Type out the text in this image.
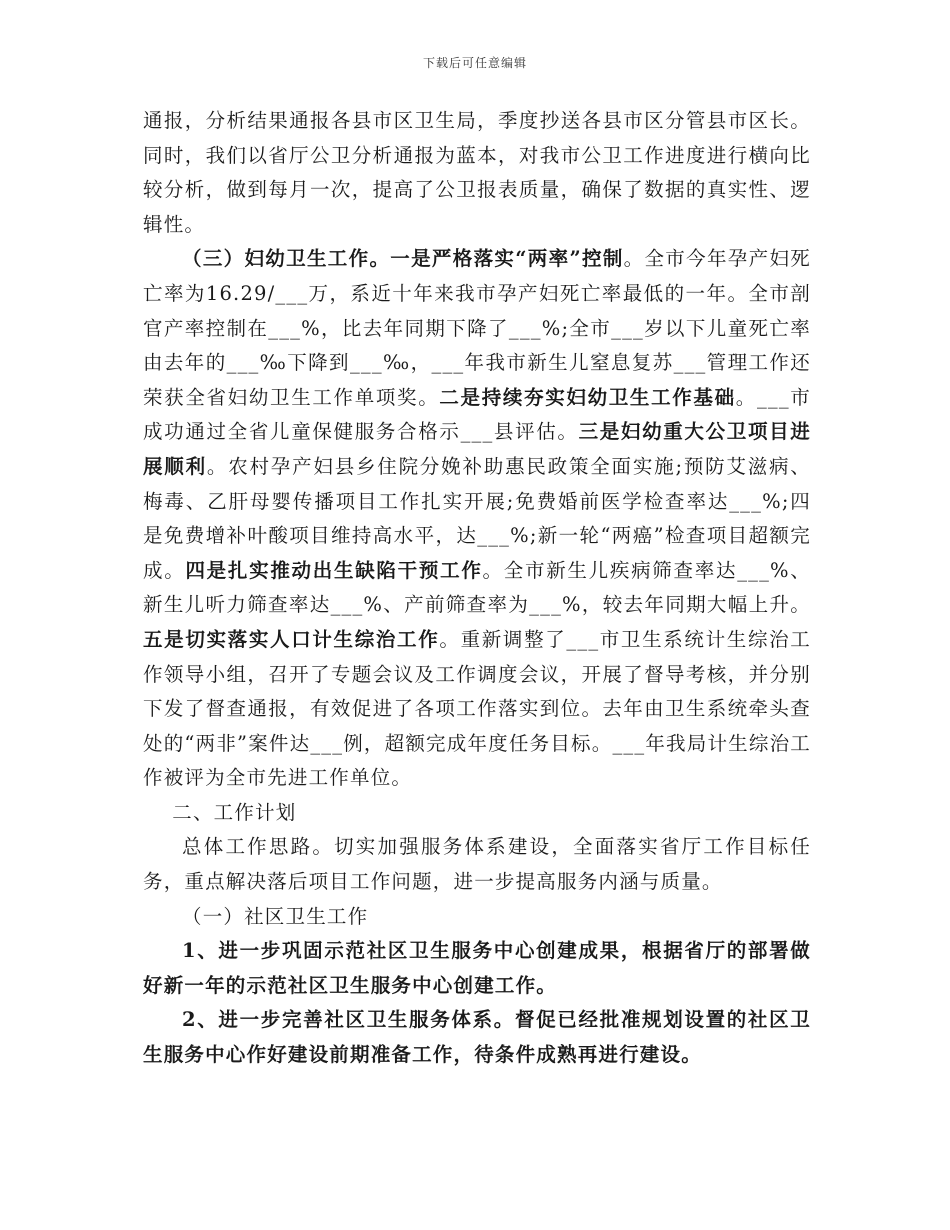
下载后可任意编辑

通报，分析结果通报各县市区卫生局，季度抄送各县市区分管县市区长。同时，我们以省厅公卫分析通报为蓝本，对我市公卫工作进度进行横向比较分析，做到每月一次，提高了公卫报表质量，确保了数据的真实性、逻辑性。

（三）妇幼卫生工作。一是严格落实“两率”控制。全市今年孕产妇死亡率为16.29/___万，系近十年来我市孕产妇死亡率最低的一年。全市剖官产率控制在___%，比去年同期下降了___%;全市___岁以下儿童死亡率由去年的___‰下降到___‰，___年我市新生儿窒息复苏___管理工作还荣获全省妇幼卫生工作单项奖。二是持续夯实妇幼卫生工作基础。___市成功通过全省儿童保健服务合格示___县评估。三是妇幼重大公卫项目进展顺利。农村孕产妇县乡住院分娩补助惠民政策全面实施;预防艾滋病、梅毒、乙肝母婴传播项目工作扎实开展;免费婚前医学检查率达___%;四是免费增补叶酸项目维持高水平，达___%;新一轮“两癌”检查项目超额完成。四是扎实推动出生缺陷干预工作。全市新生儿疾病筛查率达___%、新生儿听力筛查率达___%、产前筛查率为___%，较去年同期大幅上升。五是切实落实人口计生综治工作。重新调整了___市卫生系统计生综治工作领导小组，召开了专题会议及工作调度会议，开展了督导考核，并分别下发了督查通报，有效促进了各项工作落实到位。去年由卫生系统牵头查处的“两非”案件达___例，超额完成年度任务目标。___年我局计生综治工作被评为全市先进工作单位。

二、工作计划

总体工作思路。切实加强服务体系建设，全面落实省厅工作目标任务，重点解决落后项目工作问题，进一步提高服务内涵与质量。

（一）社区卫生工作

1、进一步巩固示范社区卫生服务中心创建成果，根据省厅的部署做好新一年的示范社区卫生服务中心创建工作。

2、进一步完善社区卫生服务体系。督促已经批准规划设置的社区卫生服务中心作好建设前期准备工作，待条件成熟再进行建设。
